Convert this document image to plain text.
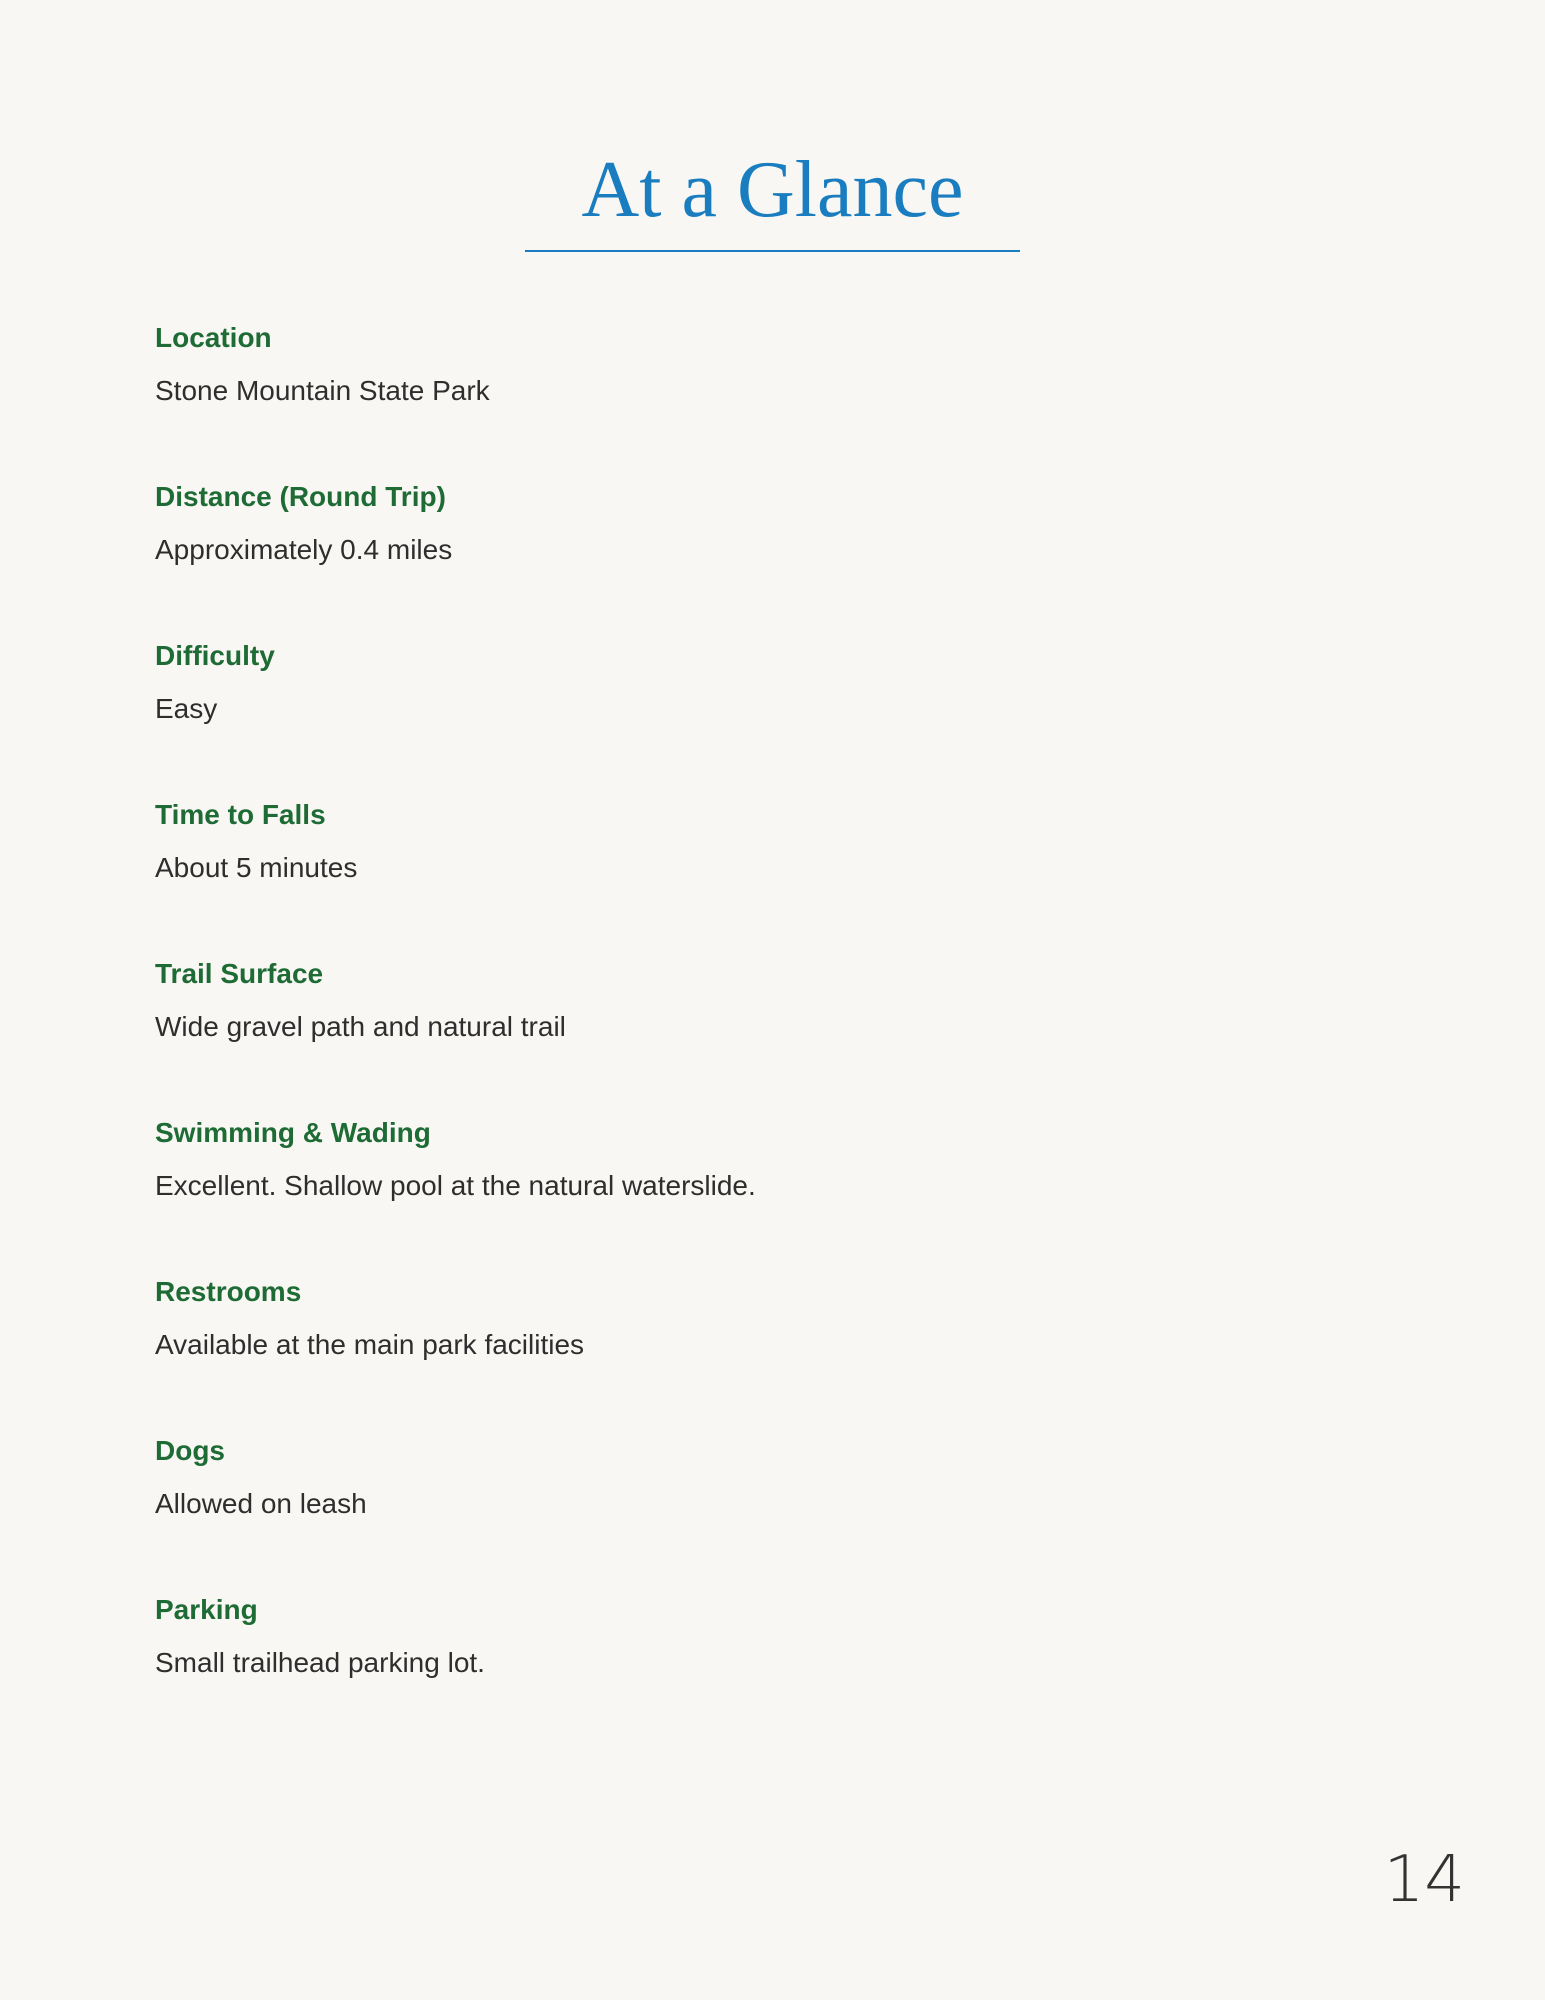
At a Glance
Location
Stone Mountain State Park
Distance (Round Trip)
Approximately 0.4 miles
Difficulty
Easy
Time to Falls
About 5 minutes
Trail Surface
Wide gravel path and natural trail
Swimming & Wading
Excellent. Shallow pool at the natural waterslide.
Restrooms
Available at the main park facilities
Dogs
Allowed on leash
Parking
Small trailhead parking lot.
14
